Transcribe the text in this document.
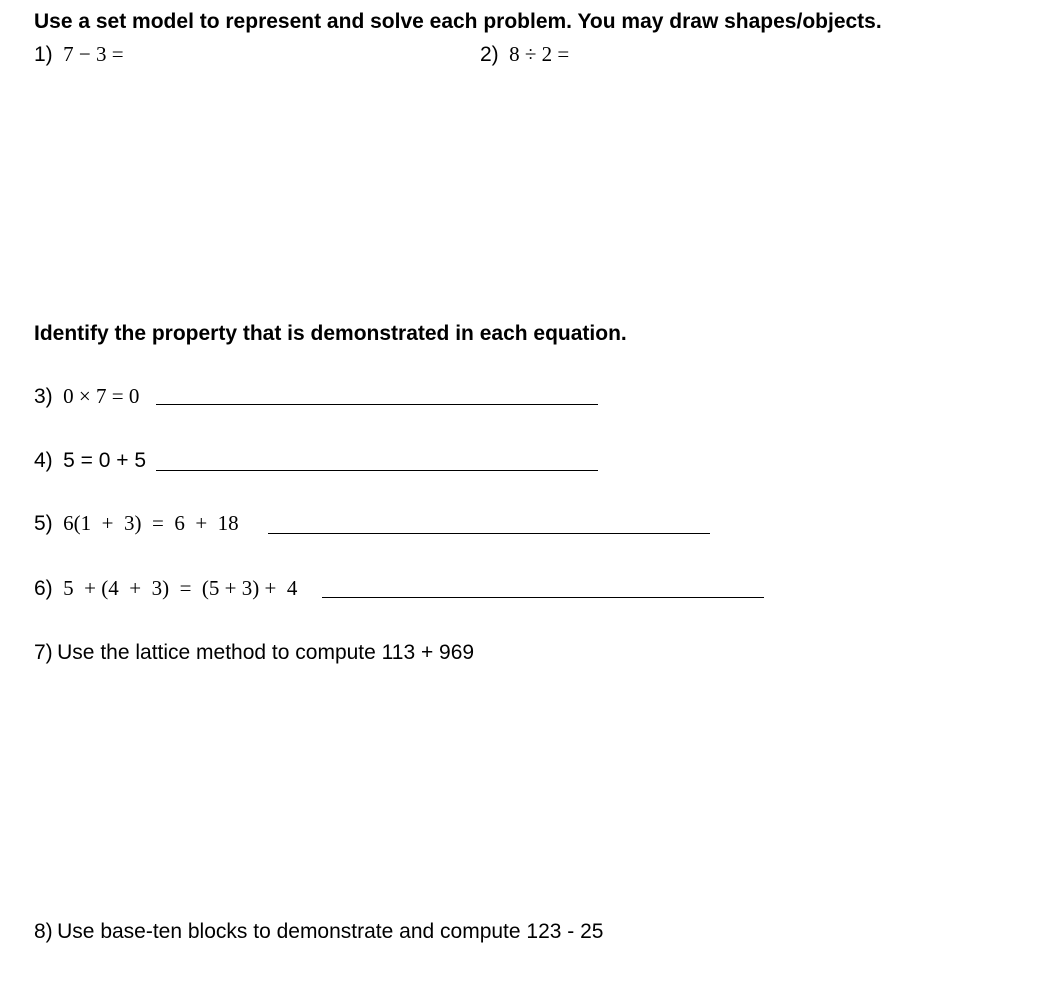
Use a set model to represent and solve each problem. You may draw shapes/objects.
1) 7 − 3 =	2) 8 ÷ 2 =
Identify the property that is demonstrated in each equation.
3) 0 × 7 = 0
4) 5 = 0 + 5
5) 6(1  +  3)  =  6  +  18
6) 5  + (4  +  3)  =  (5 + 3) +  4
7) Use the lattice method to compute 113 + 969
8) Use base-ten blocks to demonstrate and compute 123 - 25
